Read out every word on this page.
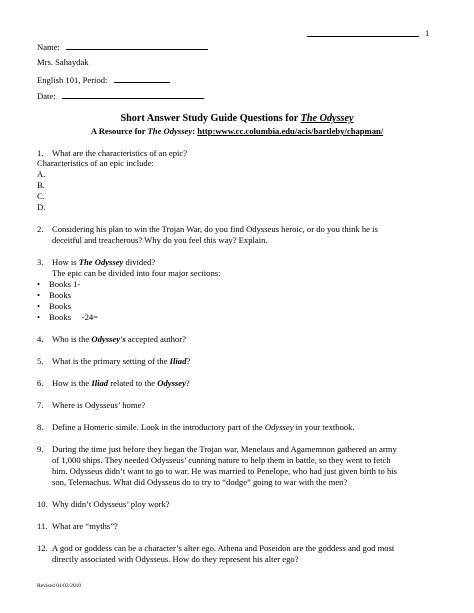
1
Name:
Mrs. Sahaydak
English 101, Period:
Date:
Short Answer Study Guide Questions for The Odyssey
A Resource for The Odyssey: http:www.cc.columbia.edu/acis/bartleby/chapman/
1. What are the characteristics of an epic?
Characteristics of an epic include:
A.
B.
C.
D.
2. Considering his plan to win the Trojan War, do you find Odysseus heroic, or do you think he is
deceitful and treacherous? Why do you feel this way? Explain.
3. How is The Odyssey divided?
The epic can be divided into four major sections:
• Books 1-
• Books
• Books
• Books     -24=
4. Who is the Odyssey's accepted author?
5. What is the primary setting of the Iliad?
6. How is the Iliad related to the Odyssey?
7. Where is Odysseus’ home?
8. Define a Homeric simile. Look in the introductory part of the Odyssey in your textbook.
9. During the time just before they began the Trojan war, Menelaus and Agamemnon gathered an army
of 1,000 ships. They needed Odysseus’ cunning nature to help them in battle, so they went to fetch
him. Odysseus didn’t want to go to war. He was married to Penelope, who had just given birth to his
son, Telemachus. What did Odysseus do to try to “dodge” going to war with the men?
10. Why didn’t Odysseus’ ploy work?
11. What are “myths”?
12. A god or goddess can be a character’s alter ego. Athena and Poseidon are the goddess and god most
directly associated with Odysseus. How do they represent his alter ego?
Revised 01/02/2010
